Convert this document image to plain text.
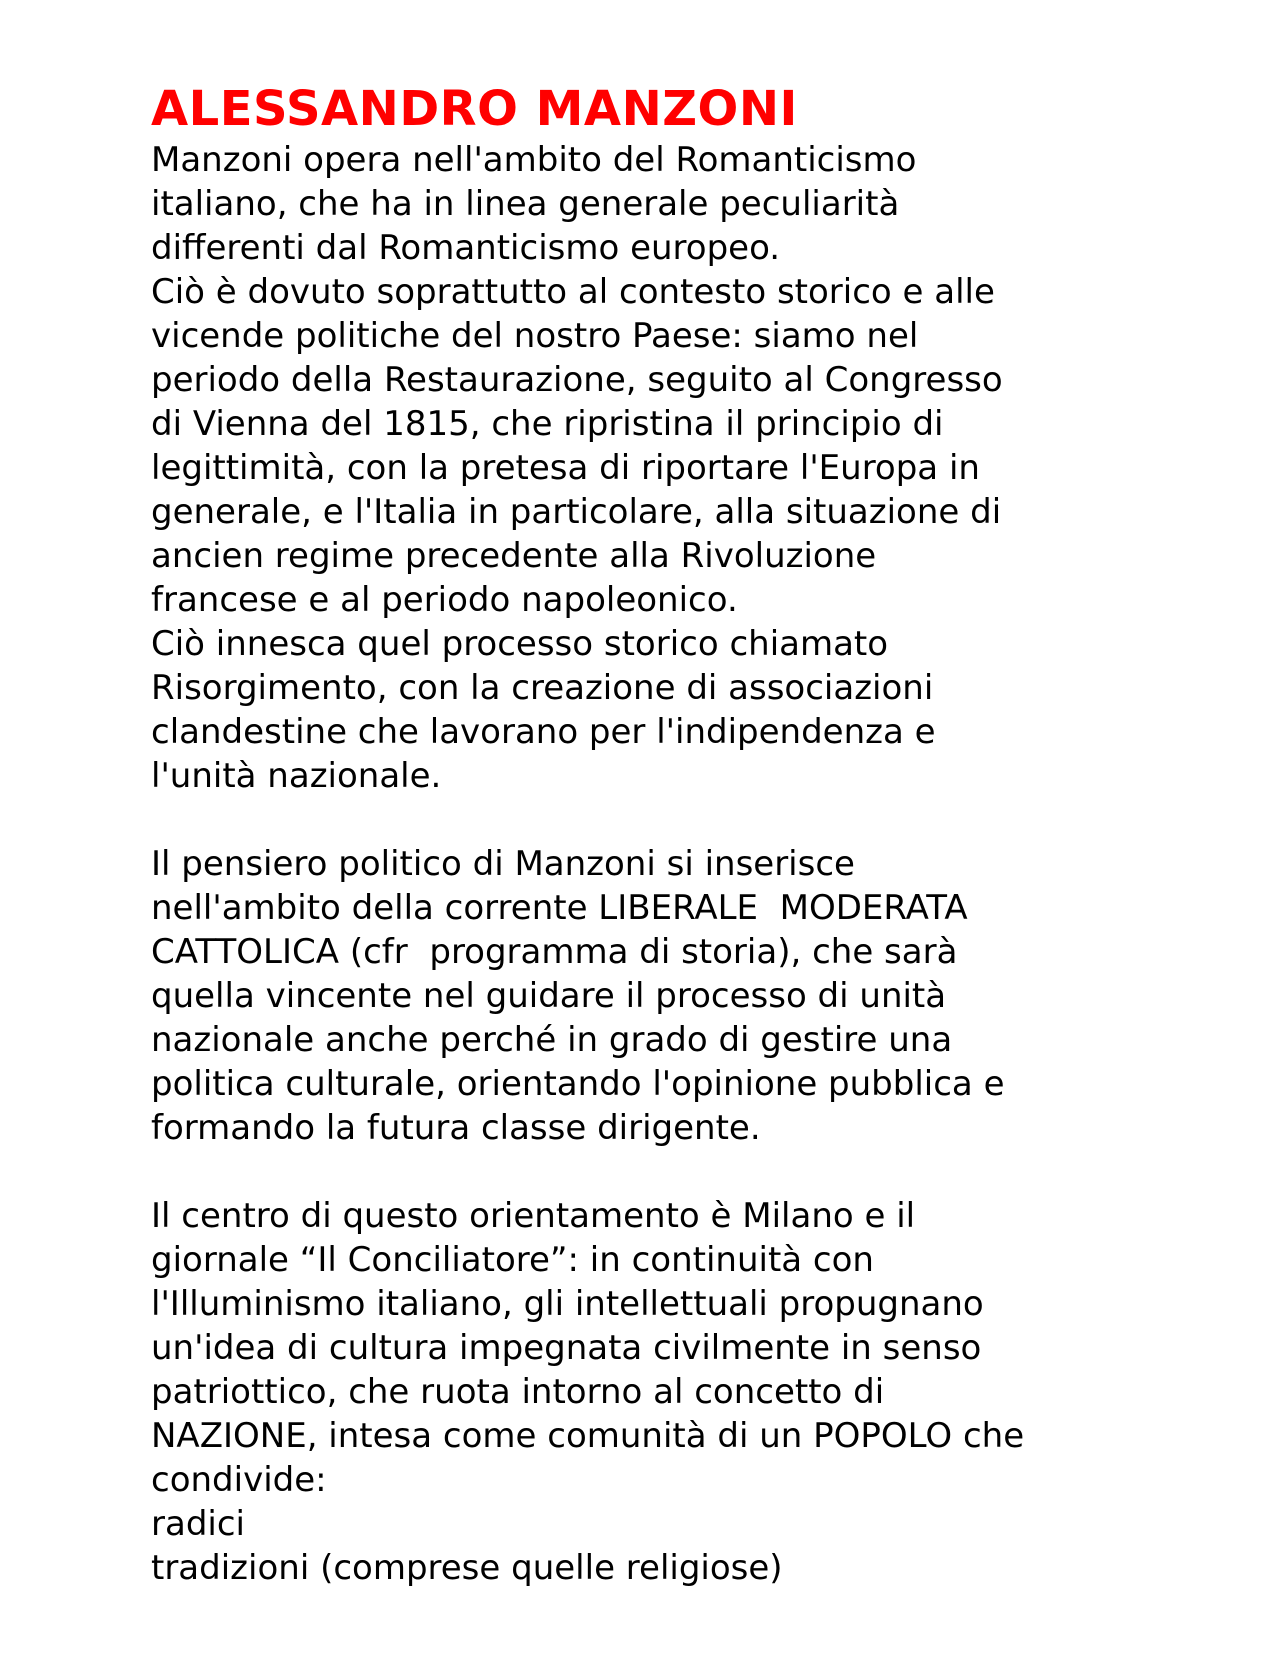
ALESSANDRO MANZONI
Manzoni opera nell'ambito del Romanticismo
italiano, che ha in linea generale peculiarità
differenti dal Romanticismo europeo.
Ciò è dovuto soprattutto al contesto storico e alle
vicende politiche del nostro Paese: siamo nel
periodo della Restaurazione, seguito al Congresso
di Vienna del 1815, che ripristina il principio di
legittimità, con la pretesa di riportare l'Europa in
generale, e l'Italia in particolare, alla situazione di
ancien regime precedente alla Rivoluzione
francese e al periodo napoleonico.
Ciò innesca quel processo storico chiamato
Risorgimento, con la creazione di associazioni
clandestine che lavorano per l'indipendenza e
l'unità nazionale.
Il pensiero politico di Manzoni si inserisce
nell'ambito della corrente LIBERALE  MODERATA
CATTOLICA (cfr  programma di storia), che sarà
quella vincente nel guidare il processo di unità
nazionale anche perché in grado di gestire una
politica culturale, orientando l'opinione pubblica e
formando la futura classe dirigente.
Il centro di questo orientamento è Milano e il
giornale “Il Conciliatore”: in continuità con
l'Illuminismo italiano, gli intellettuali propugnano
un'idea di cultura impegnata civilmente in senso
patriottico, che ruota intorno al concetto di
NAZIONE, intesa come comunità di un POPOLO che
condivide:
radici
tradizioni (comprese quelle religiose)
